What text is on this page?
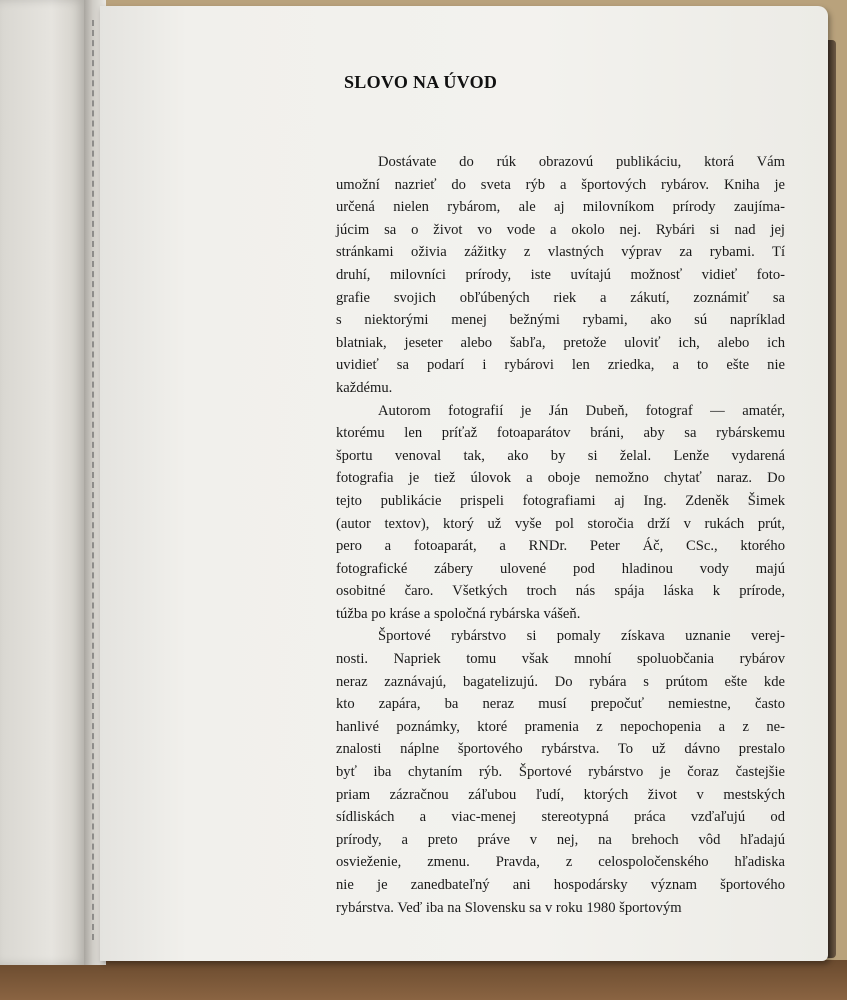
SLOVO NA ÚVOD
Dostávate do rúk obrazovú publikáciu, ktorá Vám
umožní nazrieť do sveta rýb a športových rybárov. Kniha je
určená nielen rybárom, ale aj milovníkom prírody zaujíma-
júcim sa o život vo vode a okolo nej. Rybári si nad jej
stránkami oživia zážitky z vlastných výprav za rybami. Tí
druhí, milovníci prírody, iste uvítajú možnosť vidieť foto-
grafie svojich obľúbených riek a zákutí, zoznámiť sa
s niektorými menej bežnými rybami, ako sú napríklad
blatniak, jeseter alebo šabľa, pretože uloviť ich, alebo ich
uvidieť sa podarí i rybárovi len zriedka, a to ešte nie
každému.
Autorom fotografií je Ján Dubeň, fotograf — amatér,
ktorému len príťaž fotoaparátov bráni, aby sa rybárskemu
športu venoval tak, ako by si želal. Lenže vydarená
fotografia je tiež úlovok a oboje nemožno chytať naraz. Do
tejto publikácie prispeli fotografiami aj Ing. Zdeněk Šimek
(autor textov), ktorý už vyše pol storočia drží v rukách prút,
pero a fotoaparát, a RNDr. Peter Áč, CSc., ktorého
fotografické zábery ulovené pod hladinou vody majú
osobitné čaro. Všetkých troch nás spája láska k prírode,
túžba po kráse a spoločná rybárska vášeň.
Športové rybárstvo si pomaly získava uznanie verej-
nosti. Napriek tomu však mnohí spoluobčania rybárov
neraz zaznávajú, bagatelizujú. Do rybára s prútom ešte kde
kto zapára, ba neraz musí prepočuť nemiestne, často
hanlivé poznámky, ktoré pramenia z nepochopenia a z ne-
znalosti náplne športového rybárstva. To už dávno prestalo
byť iba chytaním rýb. Športové rybárstvo je čoraz častejšie
priam zázračnou záľubou ľudí, ktorých život v mestských
sídliskách a viac-menej stereotypná práca vzďaľujú od
prírody, a preto práve v nej, na brehoch vôd hľadajú
osvieženie, zmenu. Pravda, z celospoločenského hľadiska
nie je zanedbateľný ani hospodársky význam športového
rybárstva. Veď iba na Slovensku sa v roku 1980 športovým
